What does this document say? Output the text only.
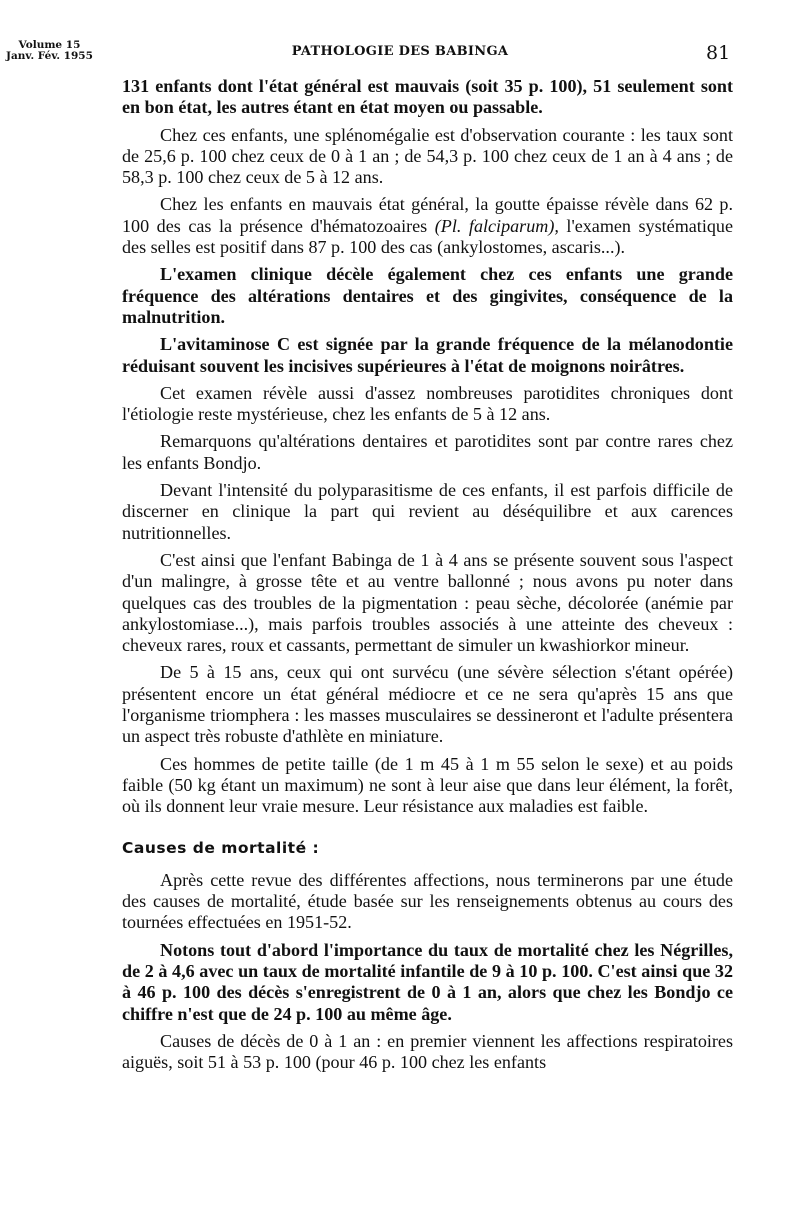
Volume 15
Janv. Fév. 1955	PATHOLOGIE DES BABINGA	81

131 enfants dont l'état général est mauvais (soit 35 p. 100), 51 seulement sont en bon état, les autres étant en état moyen ou passable.

Chez ces enfants, une splénomégalie est d'observation courante : les taux sont de 25,6 p. 100 chez ceux de 0 à 1 an ; de 54,3 p. 100 chez ceux de 1 an à 4 ans ; de 58,3 p. 100 chez ceux de 5 à 12 ans.

Chez les enfants en mauvais état général, la goutte épaisse révèle dans 62 p. 100 des cas la présence d'hématozoaires (Pl. falciparum), l'examen systématique des selles est positif dans 87 p. 100 des cas (ankylostomes, ascaris...).

L'examen clinique décèle également chez ces enfants une grande fréquence des altérations dentaires et des gingivites, conséquence de la malnutrition.

L'avitaminose C est signée par la grande fréquence de la mélanodontie réduisant souvent les incisives supérieures à l'état de moignons noirâtres.

Cet examen révèle aussi d'assez nombreuses parotidites chroniques dont l'étiologie reste mystérieuse, chez les enfants de 5 à 12 ans.

Remarquons qu'altérations dentaires et parotidites sont par contre rares chez les enfants Bondjo.

Devant l'intensité du polyparasitisme de ces enfants, il est parfois difficile de discerner en clinique la part qui revient au déséquilibre et aux carences nutritionnelles.

C'est ainsi que l'enfant Babinga de 1 à 4 ans se présente souvent sous l'aspect d'un malingre, à grosse tête et au ventre ballonné ; nous avons pu noter dans quelques cas des troubles de la pigmentation : peau sèche, décolorée (anémie par ankylostomiase...), mais parfois troubles associés à une atteinte des cheveux : cheveux rares, roux et cassants, permettant de simuler un kwashiorkor mineur.

De 5 à 15 ans, ceux qui ont survécu (une sévère sélection s'étant opérée) présentent encore un état général médiocre et ce ne sera qu'après 15 ans que l'organisme triomphera : les masses musculaires se dessineront et l'adulte présentera un aspect très robuste d'athlète en miniature.

Ces hommes de petite taille (de 1 m 45 à 1 m 55 selon le sexe) et au poids faible (50 kg étant un maximum) ne sont à leur aise que dans leur élément, la forêt, où ils donnent leur vraie mesure. Leur résistance aux maladies est faible.

Causes de mortalité :

Après cette revue des différentes affections, nous terminerons par une étude des causes de mortalité, étude basée sur les renseignements obtenus au cours des tournées effectuées en 1951-52.

Notons tout d'abord l'importance du taux de mortalité chez les Négrilles, de 2 à 4,6 avec un taux de mortalité infantile de 9 à 10 p. 100. C'est ainsi que 32 à 46 p. 100 des décès s'enregistrent de 0 à 1 an, alors que chez les Bondjo ce chiffre n'est que de 24 p. 100 au même âge.

Causes de décès de 0 à 1 an : en premier viennent les affections respiratoires aiguës, soit 51 à 53 p. 100 (pour 46 p. 100 chez les enfants
